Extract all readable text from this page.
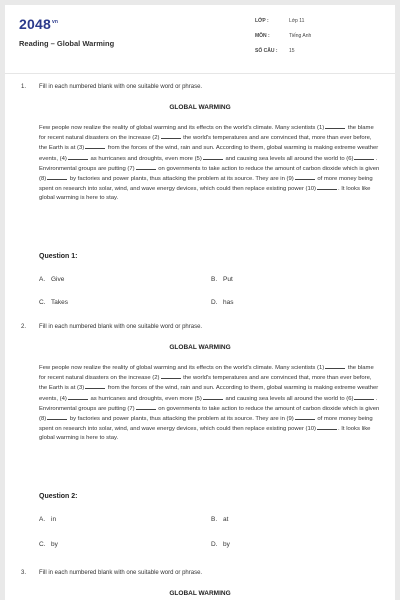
$2048^{vn}$
Reading – Global Warming
LỚP :	Lớp 11
MÔN :	Tiếng Anh
SỐ CÂU :	15
1. Fill in each numbered blank with one suitable word or phrase.
GLOBAL WARMING
Few people now realize the reality of global warming and its effects on the world's climate. Many scientists (1)	the blame for recent natural disasters on the increase (2)	the world's temperatures and are convinced that, more than ever before, the Earth is at (3)	from the forces of the wind, rain and sun. According to them, global warming is making extreme weather events, (4)	as hurricanes and droughts, even more (5)	and causing sea levels all around the world to (6)	. Environmental groups are putting (7)	on governments to take action to reduce the amount of carbon dioxide which is given (8)	by factories and power plants, thus attacking the problem at its source. They are in (9)	of more money being spent on research into solar, wind, and wave energy devices, which could then replace existing power (10)	. It looks like global warming is here to stay.
Question 1:
A. Give	B. Put
C. Takes	D. has
2. Fill in each numbered blank with one suitable word or phrase.
GLOBAL WARMING
Few people now realize the reality of global warming and its effects on the world's climate. Many scientists (1)	the blame for recent natural disasters on the increase (2)	the world's temperatures and are convinced that, more than ever before, the Earth is at (3)	from the forces of the wind, rain and sun. According to them, global warming is making extreme weather events, (4)	as hurricanes and droughts, even more (5)	and causing sea levels all around the world to (6)	. Environmental groups are putting (7)	on governments to take action to reduce the amount of carbon dioxide which is given (8)	by factories and power plants, thus attacking the problem at its source. They are in (9)	of more money being spent on research into solar, wind, and wave energy devices, which could then replace existing power (10)	. It looks like global warming is here to stay.
Question 2:
A. in	B. at
C. by	D. by
3. Fill in each numbered blank with one suitable word or phrase.
GLOBAL WARMING
